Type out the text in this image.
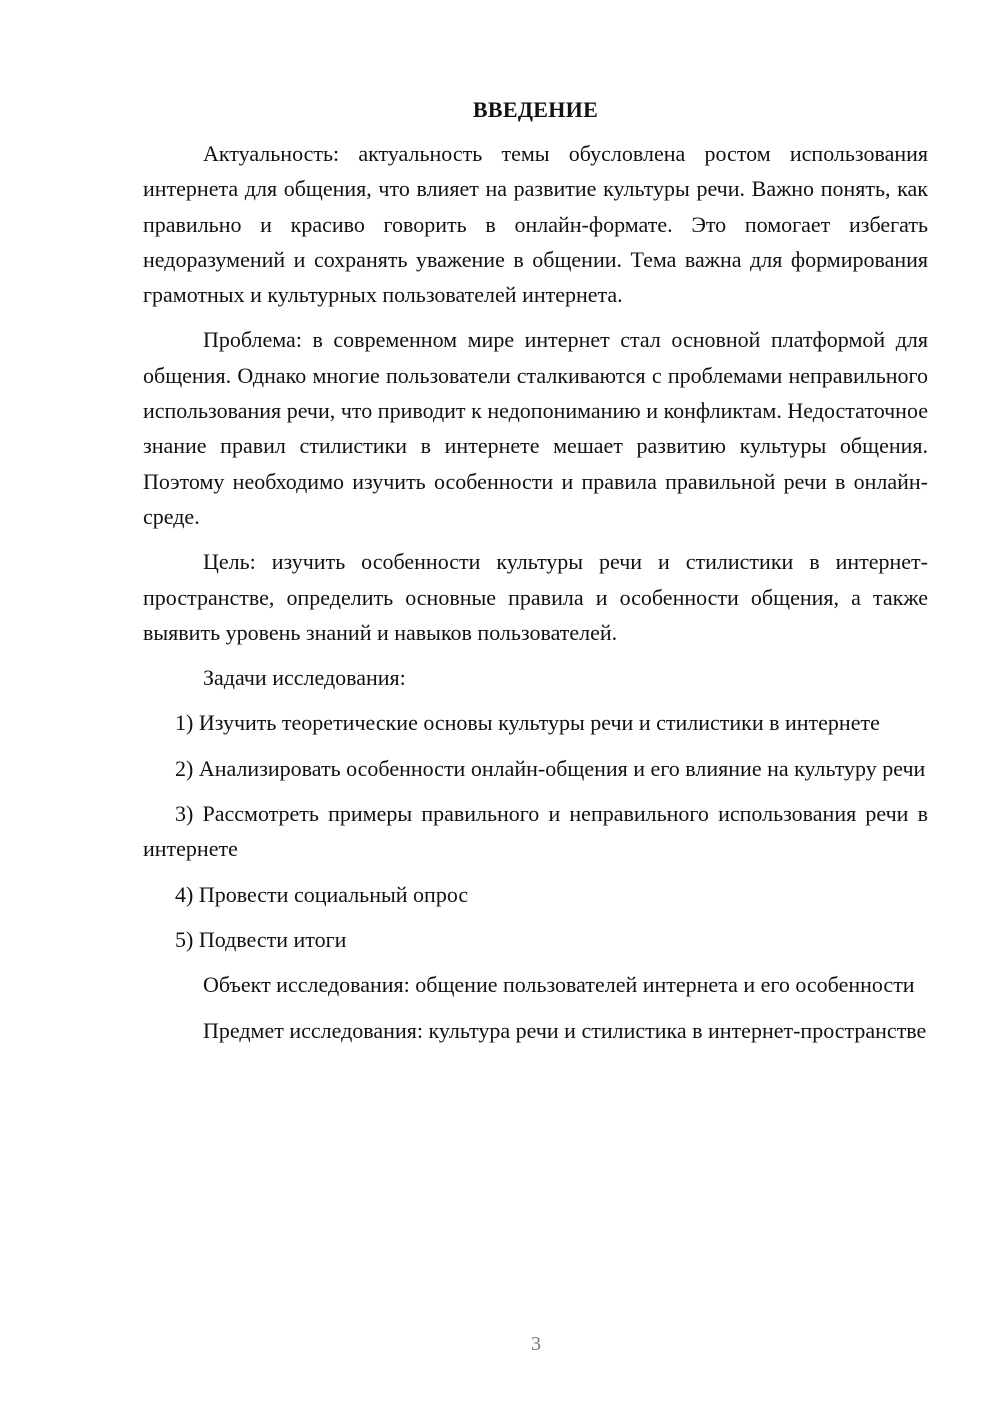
ВВЕДЕНИЕ

Актуальность: актуальность темы обусловлена ростом использования интернета для общения, что влияет на развитие культуры речи. Важно понять, как правильно и красиво говорить в онлайн-формате. Это помогает избегать недоразумений и сохранять уважение в общении. Тема важна для формирования грамотных и культурных пользователей интернета.

Проблема: в современном мире интернет стал основной платформой для общения. Однако многие пользователи сталкиваются с проблемами неправильного использования речи, что приводит к недопониманию и конфликтам. Недостаточное знание правил стилистики в интернете мешает развитию культуры общения. Поэтому необходимо изучить особенности и правила правильной речи в онлайн-среде.

Цель: изучить особенности культуры речи и стилистики в интернет-пространстве, определить основные правила и особенности общения, а также выявить уровень знаний и навыков пользователей.

Задачи исследования:

1) Изучить теоретические основы культуры речи и стилистики в интернете

2) Анализировать особенности онлайн-общения и его влияние на культуру речи

3) Рассмотреть примеры правильного и неправильного использования речи в интернете

4) Провести социальный опрос

5) Подвести итоги

Объект исследования: общение пользователей интернета и его особенности

Предмет исследования: культура речи и стилистика в интернет-пространстве

3
